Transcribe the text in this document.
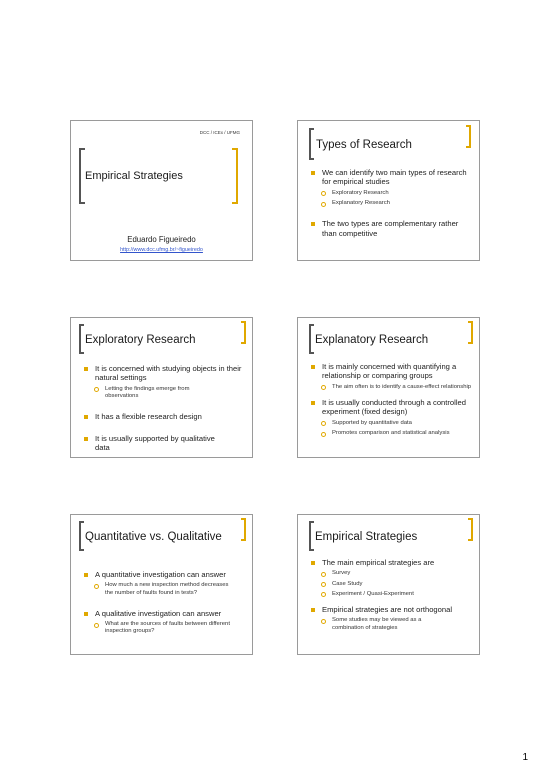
DCC / ICEx / UFMG
Empirical Strategies
Eduardo Figueiredo
http://www.dcc.ufmg.br/~figueiredo
Types of Research
We can identify two main types of research for empirical studies
Exploratory Research
Explanatory Research
The two types are complementary rather than competitive
Exploratory Research
It is concerned with studying objects in their natural settings
Letting the findings emerge from observations
It has a flexible research design
It is usually supported by qualitative data
Explanatory Research
It is mainly concerned with quantifying a relationship or comparing groups
The aim often is to identify a cause-effect relationship
It is usually conducted through a controlled experiment (fixed design)
Supported by quantitative data
Promotes comparison and statistical analysis
Quantitative vs. Qualitative
A quantitative investigation can answer
How much a new inspection method decreases the number of faults found in tests?
A qualitative investigation can answer
What are the sources of faults between different inspection groups?
Empirical Strategies
The main empirical strategies are
Survey
Case Study
Experiment / Quasi-Experiment
Empirical strategies are not orthogonal
Some studies may be viewed as a combination of strategies
1
